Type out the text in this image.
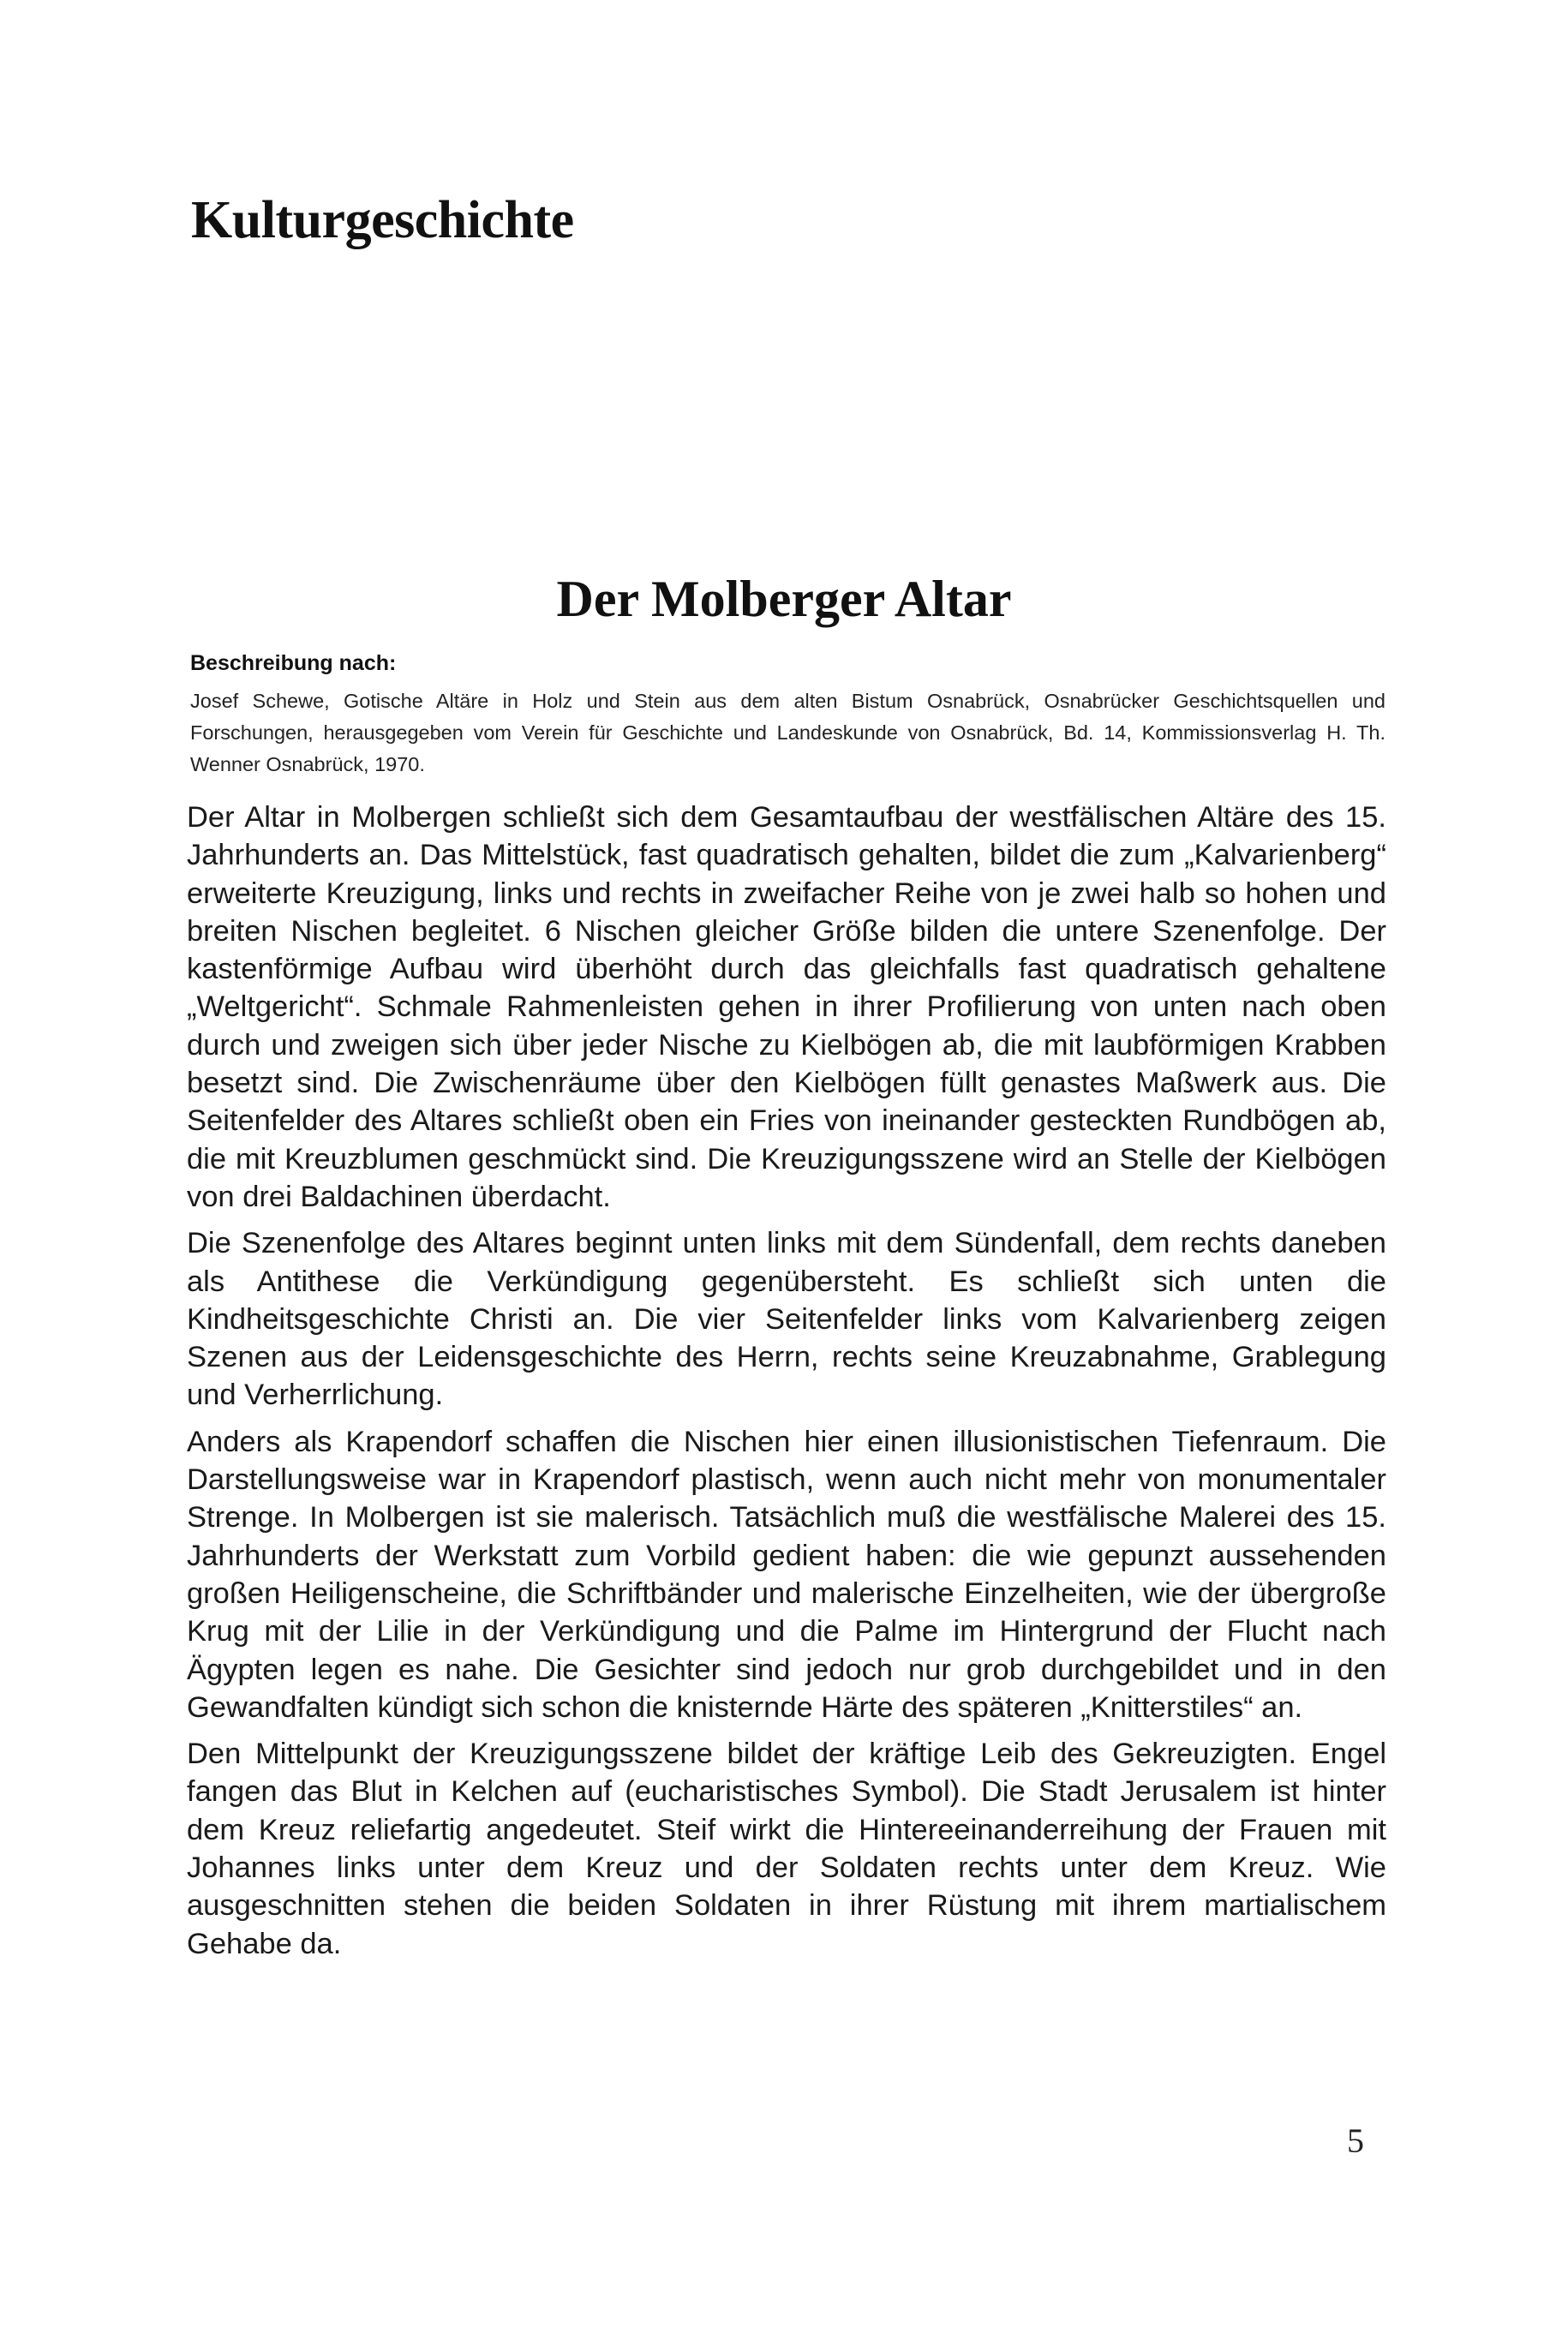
Kulturgeschichte
Der Molberger Altar

Beschreibung nach:

Josef Schewe, Gotische Altäre in Holz und Stein aus dem alten Bistum Osnabrück, Osnabrücker Geschichtsquellen und Forschungen, herausgegeben vom Verein für Geschichte und Landeskunde von Osnabrück, Bd. 14, Kommissionsverlag H. Th. Wenner Osnabrück, 1970.

Der Altar in Molbergen schließt sich dem Gesamtaufbau der westfälischen Altäre des 15. Jahrhunderts an. Das Mittelstück, fast quadratisch gehalten, bildet die zum „Kalvarienberg“ erweiterte Kreuzigung, links und rechts in zweifacher Reihe von je zwei halb so hohen und breiten Nischen begleitet. 6 Nischen gleicher Größe bilden die untere Szenenfolge. Der kastenförmige Aufbau wird überhöht durch das gleichfalls fast quadratisch gehaltene „Weltgericht“. Schmale Rahmenleisten gehen in ihrer Profilierung von unten nach oben durch und zweigen sich über jeder Nische zu Kielbögen ab, die mit laubförmigen Krabben besetzt sind. Die Zwischenräume über den Kielbögen füllt genastes Maßwerk aus. Die Seitenfelder des Altares schließt oben ein Fries von ineinander gesteckten Rundbögen ab, die mit Kreuzblumen geschmückt sind. Die Kreuzigungsszene wird an Stelle der Kielbögen von drei Baldachinen überdacht.

Die Szenenfolge des Altares beginnt unten links mit dem Sündenfall, dem rechts daneben als Antithese die Verkündigung gegenübersteht. Es schließt sich unten die Kindheitsgeschichte Christi an. Die vier Seitenfelder links vom Kalvarienberg zeigen Szenen aus der Leidensgeschichte des Herrn, rechts seine Kreuzabnahme, Grablegung und Verherrlichung.

Anders als Krapendorf schaffen die Nischen hier einen illusionistischen Tiefenraum. Die Darstellungsweise war in Krapendorf plastisch, wenn auch nicht mehr von monumentaler Strenge. In Molbergen ist sie malerisch. Tatsächlich muß die westfälische Malerei des 15. Jahrhunderts der Werkstatt zum Vorbild gedient haben: die wie gepunzt aussehenden großen Heiligenscheine, die Schriftbänder und malerische Einzelheiten, wie der übergroße Krug mit der Lilie in der Verkündigung und die Palme im Hintergrund der Flucht nach Ägypten legen es nahe. Die Gesichter sind jedoch nur grob durchgebildet und in den Gewandfalten kündigt sich schon die knisternde Härte des späteren „Knitterstiles“ an.

Den Mittelpunkt der Kreuzigungsszene bildet der kräftige Leib des Gekreuzigten. Engel fangen das Blut in Kelchen auf (eucharistisches Symbol). Die Stadt Jerusalem ist hinter dem Kreuz reliefartig angedeutet. Steif wirkt die Hintereeinanderreihung der Frauen mit Johannes links unter dem Kreuz und der Soldaten rechts unter dem Kreuz. Wie ausgeschnitten stehen die beiden Soldaten in ihrer Rüstung mit ihrem martialischem Gehabe da.

5
